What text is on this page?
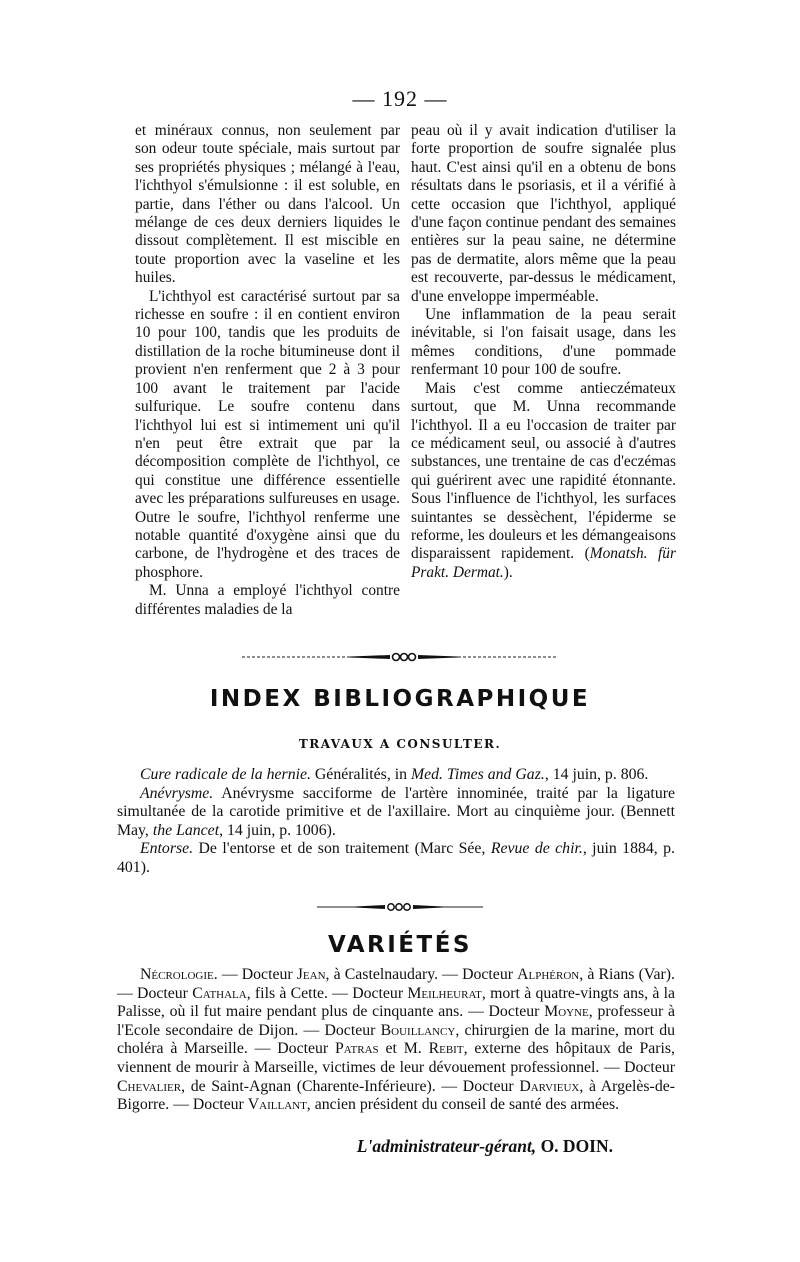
— 192 —

et minéraux connus, non seulement par son odeur toute spéciale, mais surtout par ses propriétés physiques ; mélangé à l'eau, l'ichthyol s'émulsionne : il est soluble, en partie, dans l'éther ou dans l'alcool. Un mélange de ces deux derniers liquides le dissout complètement. Il est miscible en toute proportion avec la vaseline et les huiles.

L'ichthyol est caractérisé surtout par sa richesse en soufre : il en contient environ 10 pour 100, tandis que les produits de distillation de la roche bitumineuse dont il provient n'en renferment que 2 à 3 pour 100 avant le traitement par l'acide sulfurique. Le soufre contenu dans l'ichthyol lui est si intimement uni qu'il n'en peut être extrait que par la décomposition complète de l'ichthyol, ce qui constitue une différence essentielle avec les préparations sulfureuses en usage. Outre le soufre, l'ichthyol renferme une notable quantité d'oxygène ainsi que du carbone, de l'hydrogène et des traces de phosphore.

M. Unna a employé l'ichthyol contre différentes maladies de la

peau où il y avait indication d'utiliser la forte proportion de soufre signalée plus haut. C'est ainsi qu'il en a obtenu de bons résultats dans le psoriasis, et il a vérifié à cette occasion que l'ichthyol, appliqué d'une façon continue pendant des semaines entières sur la peau saine, ne détermine pas de dermatite, alors même que la peau est recouverte, par-dessus le médicament, d'une enveloppe imperméable.

Une inflammation de la peau serait inévitable, si l'on faisait usage, dans les mêmes conditions, d'une pommade renfermant 10 pour 100 de soufre.

Mais c'est comme antieczémateux surtout, que M. Unna recommande l'ichthyol. Il a eu l'occasion de traiter par ce médicament seul, ou associé à d'autres substances, une trentaine de cas d'eczémas qui guérirent avec une rapidité étonnante. Sous l'influence de l'ichthyol, les surfaces suintantes se dessèchent, l'épiderme se reforme, les douleurs et les démangeaisons disparaissent rapidement. (Monatsh. für Prakt. Dermat.).

INDEX BIBLIOGRAPHIQUE
TRAVAUX A CONSULTER.

Cure radicale de la hernie. Généralités, in Med. Times and Gaz., 14 juin, p. 806.

Anévrysme. Anévrysme sacciforme de l'artère innominée, traité par la ligature simultanée de la carotide primitive et de l'axillaire. Mort au cinquième jour. (Bennett May, the Lancet, 14 juin, p. 1006).

Entorse. De l'entorse et de son traitement (Marc Sée, Revue de chir., juin 1884, p. 401).

VARIÉTÉS

Nécrologie. — Docteur Jean, à Castelnaudary. — Docteur Alphéron, à Rians (Var). — Docteur Cathala, fils à Cette. — Docteur Meilheurat, mort à quatre-vingts ans, à la Palisse, où il fut maire pendant plus de cinquante ans. — Docteur Moyne, professeur à l'Ecole secondaire de Dijon. — Docteur Bouillancy, chirurgien de la marine, mort du choléra à Marseille. — Docteur Patras et M. Rebit, externe des hôpitaux de Paris, viennent de mourir à Marseille, victimes de leur dévouement professionnel. — Docteur Chevalier, de Saint-Agnan (Charente-Inférieure). — Docteur Darvieux, à Argelès-de-Bigorre. — Docteur Vaillant, ancien président du conseil de santé des armées.

L'administrateur-gérant, O. DOIN.
